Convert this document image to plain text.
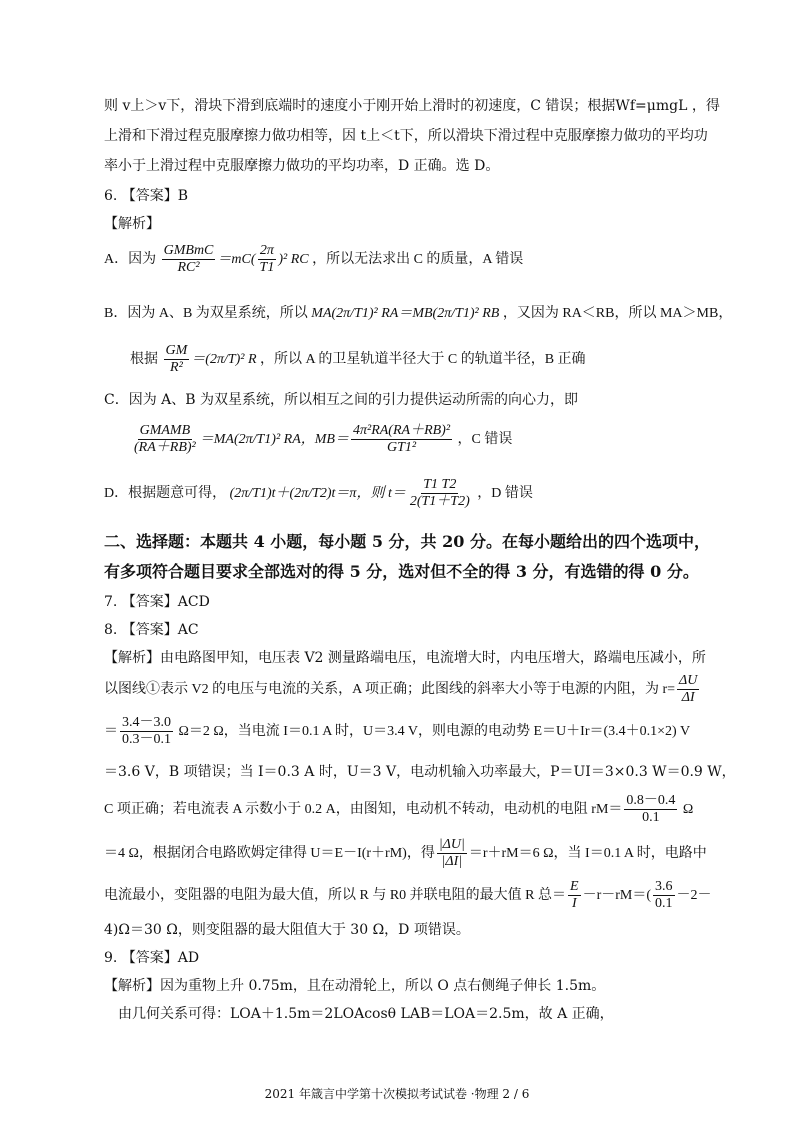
则 v上＞v下，滑块下滑到底端时的速度小于刚开始上滑时的初速度，C 错误；根据Wf=μmgL ，得
上滑和下滑过程克服摩擦力做功相等，因 t上＜t下，所以滑块下滑过程中克服摩擦力做功的平均功
率小于上滑过程中克服摩擦力做功的平均功率，D 正确。选 D。
6. 【答案】B
【解析】
A．因为 $\frac{\text{GMBmC}}{\text{RC²}} =mC( \frac{2\pi}{T1} )^2$ RC ，所以无法求出 C 的质量，A 错误
B．因为 A、B 为双星系统，所以 MA(2π/T1)² RA＝MB(2π/T1)² RB ，又因为 RA＜RB，所以 MA＞MB，
根据 $\frac{GM}{\text{R²}} =(2\pi/T)^2$ R ，所以 A 的卫星轨道半径大于 C 的轨道半径，B 正确
C．因为 A、B 为双星系统，所以相互之间的引力提供运动所需的向心力，即
$\frac{\text{GMAMB}}{\text{(RA＋RB)²}} =MA(2\pi/T1)^2$ RA，$MB= \frac{\text{4π²RA(RA＋RB)²}}{\text{GT1²}}$ ，C 错误
D．根据题意可得， (2π/T1)t＋(2π/T2)t＝π，则 $t= \frac{T1 T2}{2(T1+T2)}$ ，D 错误
二、选择题：本题共 4 小题，每小题 5 分，共 20 分。在每小题给出的四个选项中，
有多项符合题目要求全部选对的得 5 分，选对但不全的得 3 分，有选错的得 0 分。
7. 【答案】ACD
8. 【答案】AC
【解析】由电路图甲知，电压表 V2 测量路端电压，电流增大时，内电压增大，路端电压减小，所
以图线①表示 V2 的电压与电流的关系，A 项正确；此图线的斜率大小等于电源的内阻，为 $r= \frac{\Delta U}{\Delta I}$
＝ $\frac{3.4-3.0}{0.3-0.1} \Omega=2$ Ω，当电流 I＝0.1 A 时，U＝3.4 V，则电源的电动势 E＝U＋Ir＝(3.4＋0.1×2) V
＝3.6 V，B 项错误；当 I＝0.3 A 时，U＝3 V，电动机输入功率最大，P＝UI＝3×0.3 W＝0.9 W，
C 项正确；若电流表 A 示数小于 0.2 A，由图知，电动机不转动，电动机的电阻 $rM= \frac{0.8-0.4}{0.1}$ Ω
＝4 Ω，根据闭合电路欧姆定律得 U＝E－I(r＋rM)，得 $\frac{|\Delta U|}{|\Delta I|} =r+rM=6$ Ω，当 I＝0.1 A 时，电路中
电流最小，变阻器的电阻为最大值，所以 R 与 R0 并联电阻的最大值 R 总＝ $\frac{E}{I} -r-rM=( \frac{3.6}{0.1} -2-$
4)Ω＝30 Ω，则变阻器的最大阻值大于 30 Ω，D 项错误。
9. 【答案】AD
【解析】因为重物上升 0.75m，且在动滑轮上，所以 O 点右侧绳子伸长 1.5m。
由几何关系可得：LOA＋1.5m＝2LOAcosθ LAB＝LOA＝2.5m，故 A 正确，
2021 年箴言中学第十次模拟考试试卷 ·物理 2 / 6
